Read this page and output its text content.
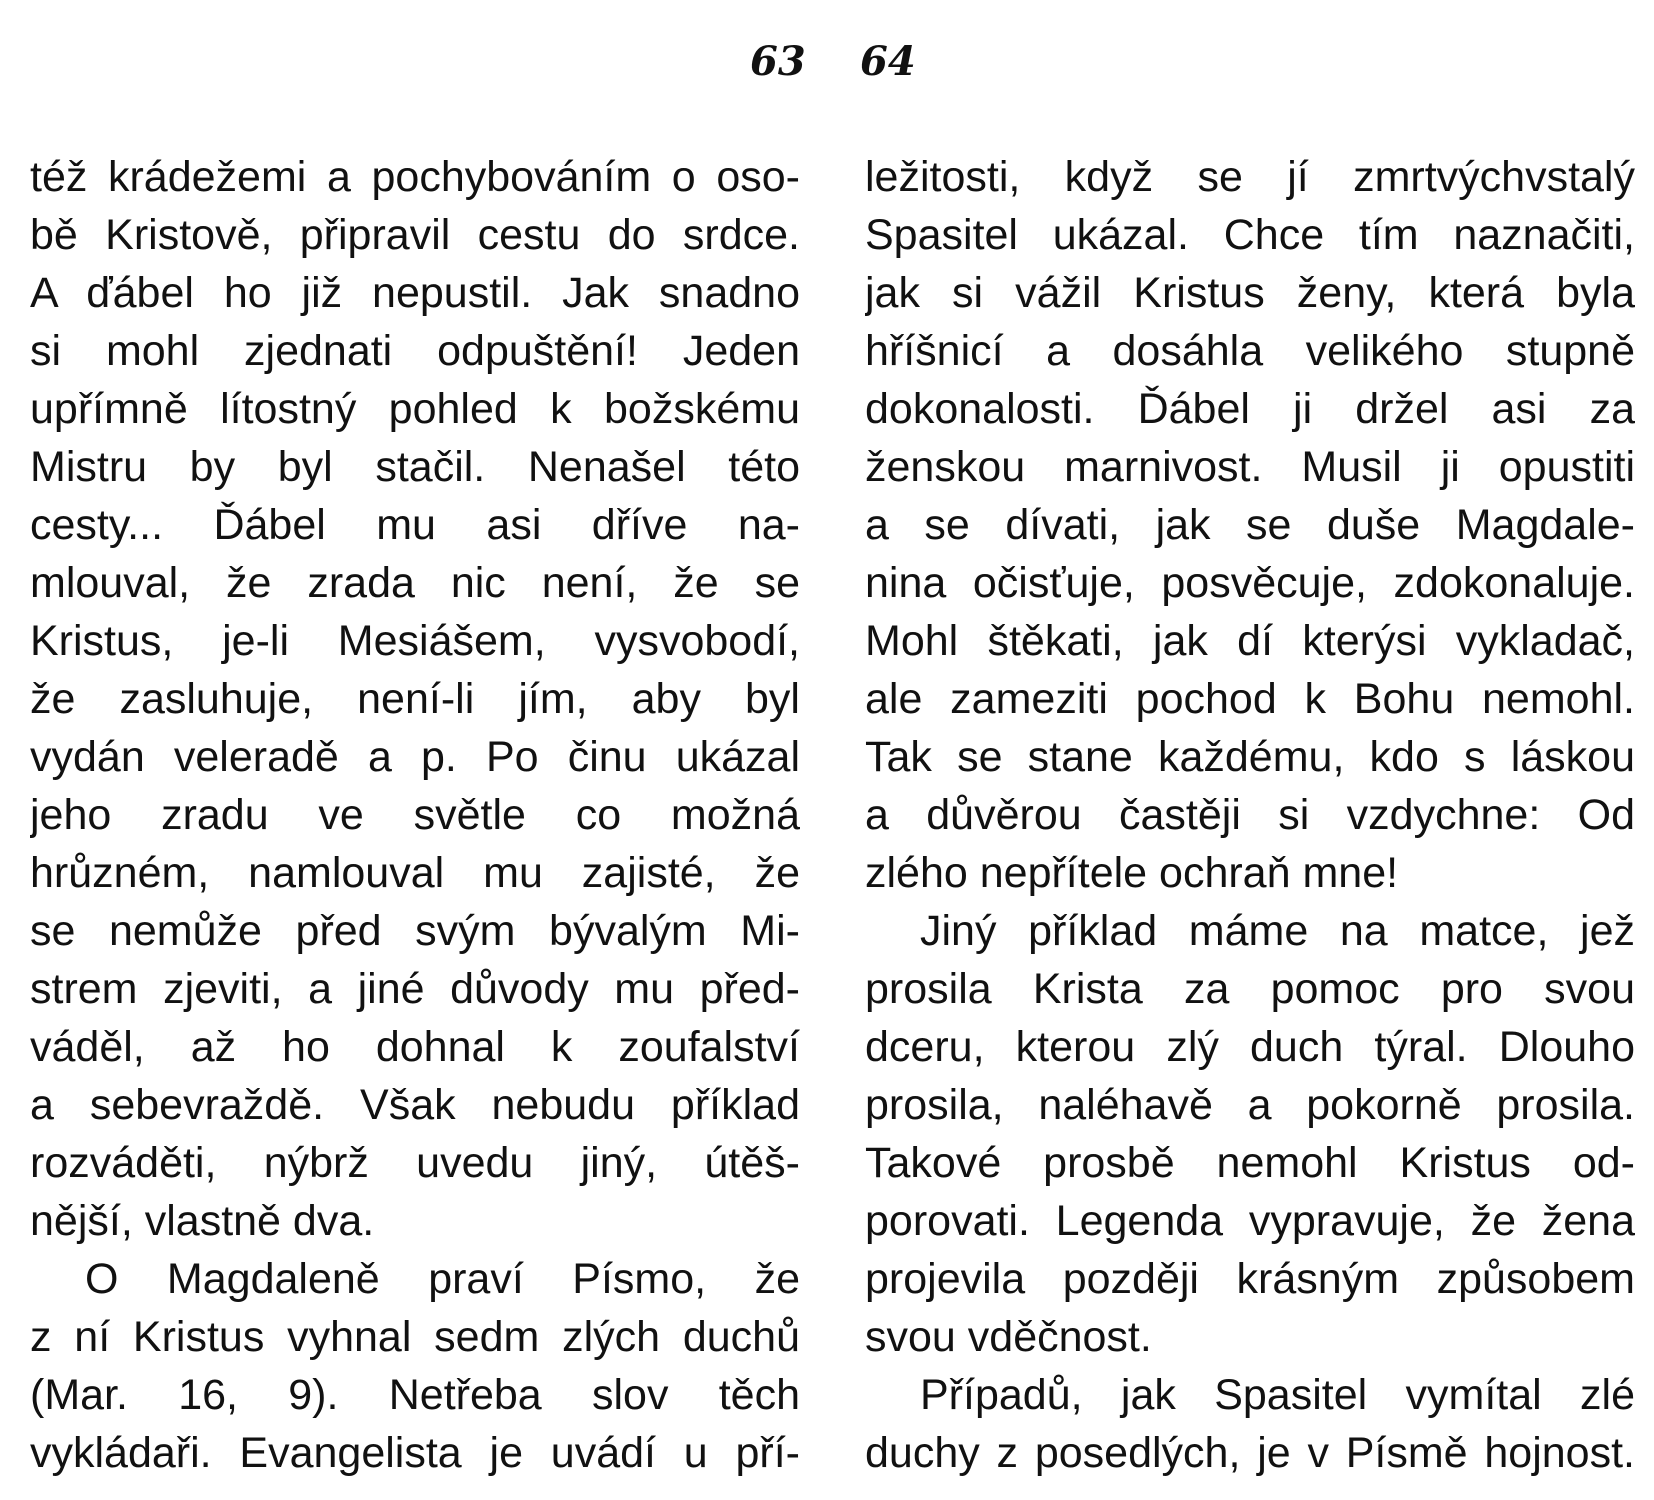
63 64
též krádežemi a pochybováním o oso-
bě Kristově, připravil cestu do srdce.
A ďábel ho již nepustil. Jak snadno
si mohl zjednati odpuštění! Jeden
upřímně lítostný pohled k božskému
Mistru by byl stačil. Nenašel této
cesty... Ďábel mu asi dříve na-
mlouval, že zrada nic není, že se
Kristus, je-li Mesiášem, vysvobodí,
že zasluhuje, není-li jím, aby byl
vydán veleradě a p. Po činu ukázal
jeho zradu ve světle co možná
hrůzném, namlouval mu zajisté, že
se nemůže před svým bývalým Mi-
strem zjeviti, a jiné důvody mu před-
váděl, až ho dohnal k zoufalství
a sebevraždě. Však nebudu příklad
rozváděti, nýbrž uvedu jiný, útěš-
nější, vlastně dva.
O Magdaleně praví Písmo, že
z ní Kristus vyhnal sedm zlých duchů
(Mar. 16, 9). Netřeba slov těch
vykládaři. Evangelista je uvádí u pří-
ležitosti, když se jí zmrtvýchvstalý
Spasitel ukázal. Chce tím naznačiti,
jak si vážil Kristus ženy, která byla
hříšnicí a dosáhla velikého stupně
dokonalosti. Ďábel ji držel asi za
ženskou marnivost. Musil ji opustiti
a se dívati, jak se duše Magdale-
nina očisťuje, posvěcuje, zdokonaluje.
Mohl štěkati, jak dí kterýsi vykladač,
ale zameziti pochod k Bohu nemohl.
Tak se stane každému, kdo s láskou
a důvěrou častěji si vzdychne: Od
zlého nepřítele ochraň mne!
Jiný příklad máme na matce, jež
prosila Krista za pomoc pro svou
dceru, kterou zlý duch týral. Dlouho
prosila, naléhavě a pokorně prosila.
Takové prosbě nemohl Kristus od-
porovati. Legenda vypravuje, že žena
projevila později krásným způsobem
svou vděčnost.
Případů, jak Spasitel vymítal zlé
duchy z posedlých, je v Písmě hojnost.
